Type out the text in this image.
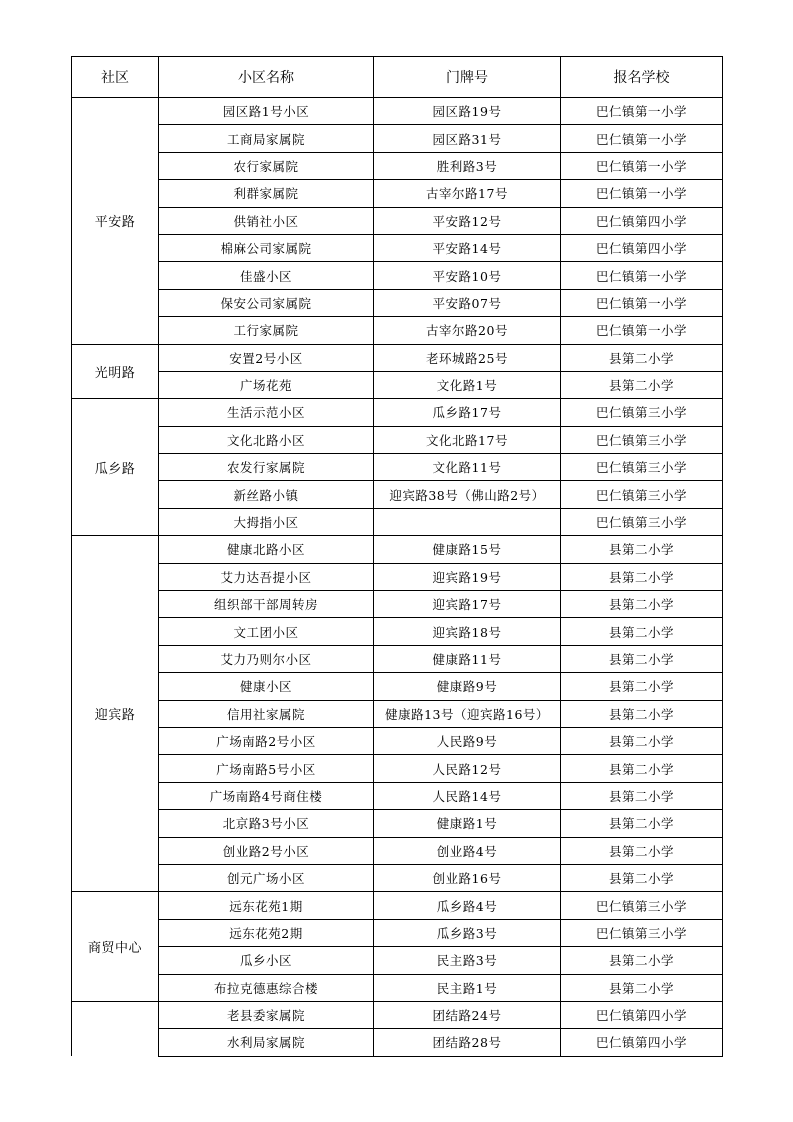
社区	小区名称	门牌号	报名学校
平安路	园区路1号小区	园区路19号	巴仁镇第一小学
	工商局家属院	园区路31号	巴仁镇第一小学
	农行家属院	胜利路3号	巴仁镇第一小学
	利群家属院	古宰尔路17号	巴仁镇第一小学
	供销社小区	平安路12号	巴仁镇第四小学
	棉麻公司家属院	平安路14号	巴仁镇第四小学
	佳盛小区	平安路10号	巴仁镇第一小学
	保安公司家属院	平安路07号	巴仁镇第一小学
	工行家属院	古宰尔路20号	巴仁镇第一小学
光明路	安置2号小区	老环城路25号	县第二小学
	广场花苑	文化路1号	县第二小学
瓜乡路	生活示范小区	瓜乡路17号	巴仁镇第三小学
	文化北路小区	文化北路17号	巴仁镇第三小学
	农发行家属院	文化路11号	巴仁镇第三小学
	新丝路小镇	迎宾路38号（佛山路2号）	巴仁镇第三小学
	大拇指小区		巴仁镇第三小学
迎宾路	健康北路小区	健康路15号	县第二小学
	艾力达吾提小区	迎宾路19号	县第二小学
	组织部干部周转房	迎宾路17号	县第二小学
	文工团小区	迎宾路18号	县第二小学
	艾力乃则尔小区	健康路11号	县第二小学
	健康小区	健康路9号	县第二小学
	信用社家属院	健康路13号（迎宾路16号）	县第二小学
	广场南路2号小区	人民路9号	县第二小学
	广场南路5号小区	人民路12号	县第二小学
	广场南路4号商住楼	人民路14号	县第二小学
	北京路3号小区	健康路1号	县第二小学
	创业路2号小区	创业路4号	县第二小学
	创元广场小区	创业路16号	县第二小学
商贸中心	远东花苑1期	瓜乡路4号	巴仁镇第三小学
	远东花苑2期	瓜乡路3号	巴仁镇第三小学
	瓜乡小区	民主路3号	县第二小学
	布拉克德惠综合楼	民主路1号	县第二小学
	老县委家属院	团结路24号	巴仁镇第四小学
	水利局家属院	团结路28号	巴仁镇第四小学
